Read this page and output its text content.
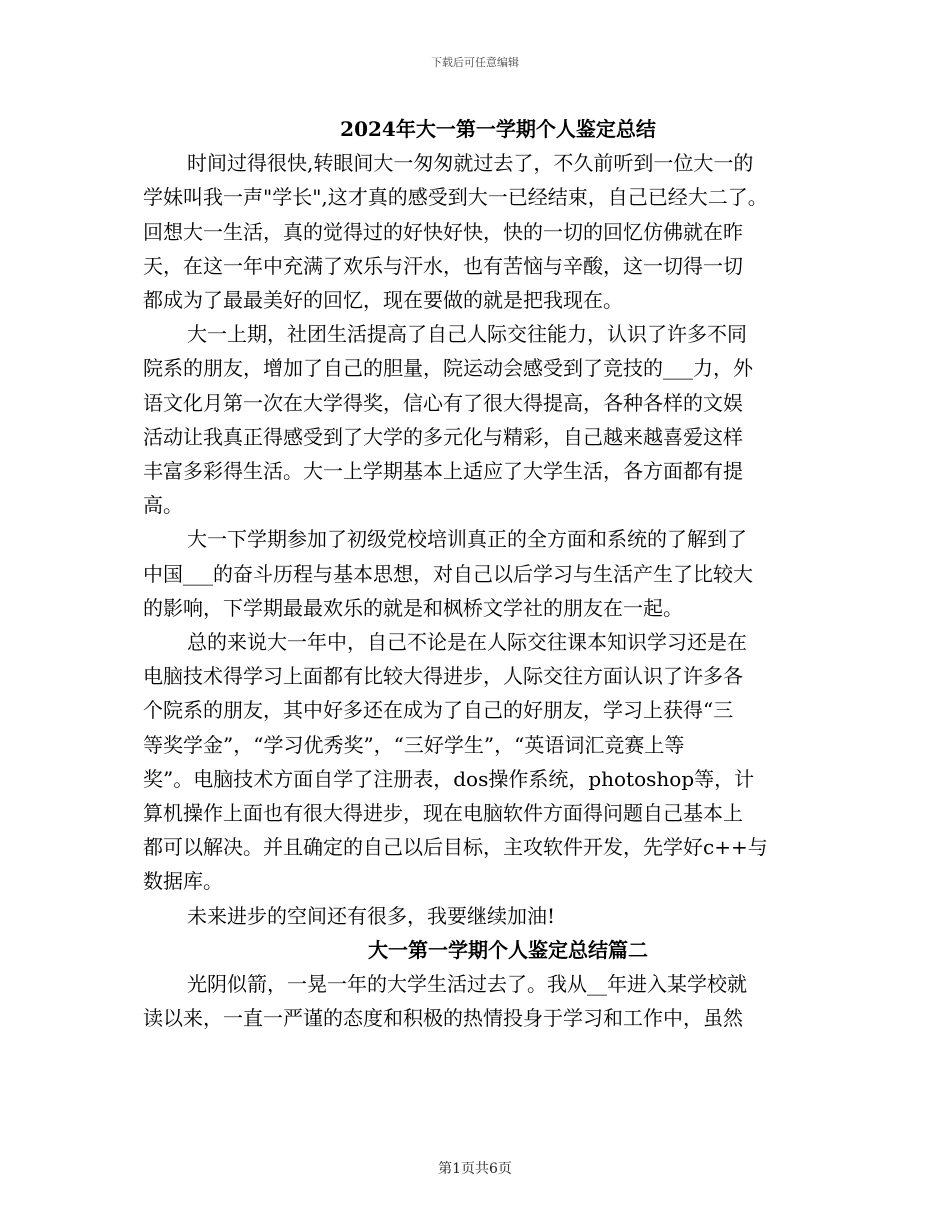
下载后可任意编辑
2024年大一第一学期个人鉴定总结
时间过得很快,转眼间大一匆匆就过去了，不久前听到一位大一的
学妹叫我一声"学长",这才真的感受到大一已经结束，自己已经大二了。
回想大一生活，真的觉得过的好快好快，快的一切的回忆仿佛就在昨
天，在这一年中充满了欢乐与汗水，也有苦恼与辛酸，这一切得一切
都成为了最最美好的回忆，现在要做的就是把我现在。
大一上期，社团生活提高了自己人际交往能力，认识了许多不同
院系的朋友，增加了自己的胆量，院运动会感受到了竞技的___力，外
语文化月第一次在大学得奖，信心有了很大得提高，各种各样的文娱
活动让我真正得感受到了大学的多元化与精彩，自己越来越喜爱这样
丰富多彩得生活。大一上学期基本上适应了大学生活，各方面都有提
高。
大一下学期参加了初级党校培训真正的全方面和系统的了解到了
中国___的奋斗历程与基本思想，对自己以后学习与生活产生了比较大
的影响，下学期最最欢乐的就是和枫桥文学社的朋友在一起。
总的来说大一年中，自己不论是在人际交往课本知识学习还是在
电脑技术得学习上面都有比较大得进步，人际交往方面认识了许多各
个院系的朋友，其中好多还在成为了自己的好朋友，学习上获得“三
等奖学金”，“学习优秀奖”，“三好学生”，“英语词汇竞赛上等
奖”。电脑技术方面自学了注册表，dos操作系统，photoshop等，计
算机操作上面也有很大得进步，现在电脑软件方面得问题自己基本上
都可以解决。并且确定的自己以后目标，主攻软件开发，先学好c++与
数据库。
未来进步的空间还有很多，我要继续加油!
大一第一学期个人鉴定总结篇二
光阴似箭，一晃一年的大学生活过去了。我从__年进入某学校就
读以来，一直一严谨的态度和积极的热情投身于学习和工作中，虽然
第1页共6页
